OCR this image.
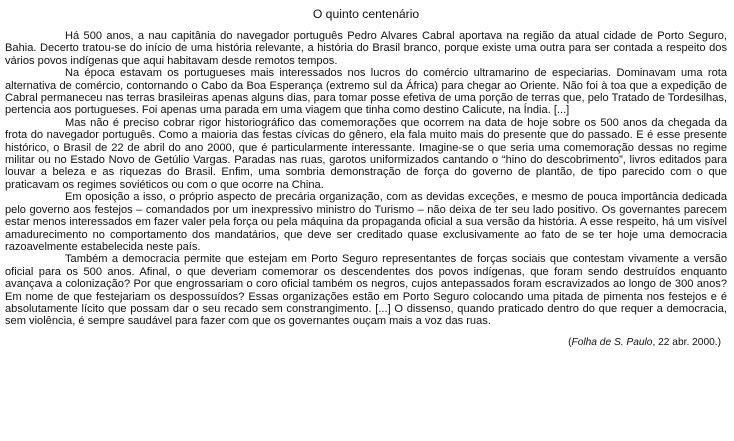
O quinto centenário

Há 500 anos, a nau capitânia do navegador português Pedro Alvares Cabral aportava na região da atual cidade de Porto Seguro, Bahia. Decerto tratou-se do início de uma história relevante, a história do Brasil branco, porque existe uma outra para ser contada a respeito dos vários povos indígenas que aqui habitavam desde remotos tempos.

Na época estavam os portugueses mais interessados nos lucros do comércio ultramarino de especiarias. Dominavam uma rota alternativa de comércio, contornando o Cabo da Boa Esperança (extremo sul da África) para chegar ao Oriente. Não foi à toa que a expedição de Cabral permaneceu nas terras brasileiras apenas alguns dias, para tomar posse efetiva de uma porção de terras que, pelo Tratado de Tordesilhas, pertencia aos portugueses. Foi apenas uma parada em uma viagem que tinha como destino Calicute, na Índia. [...]

Mas não é preciso cobrar rigor historiográfico das comemorações que ocorrem na data de hoje sobre os 500 anos da chegada da frota do navegador português. Como a maioria das festas cívicas do gênero, ela fala muito mais do presente que do passado. E é esse presente histórico, o Brasil de 22 de abril do ano 2000, que é particularmente interessante. Imagine-se o que seria uma comemoração dessas no regime militar ou no Estado Novo de Getúlio Vargas. Paradas nas ruas, garotos uniformizados cantando o “hino do descobrimento”, livros editados para louvar a beleza e as riquezas do Brasil. Enfim, uma sombria demonstração de força do governo de plantão, de tipo parecido com o que praticavam os regimes soviéticos ou com o que ocorre na China.

Em oposição a isso, o próprio aspecto de precária organização, com as devidas exceções, e mesmo de pouca importância dedicada pelo governo aos festejos – comandados por um inexpressivo ministro do Turismo – não deixa de ter seu lado positivo. Os governantes parecem estar menos interessados em fazer valer pela força ou pela máquina da propaganda oficial a sua versão da história. A esse respeito, há um visível amadurecimento no comportamento dos mandatários, que deve ser creditado quase exclusivamente ao fato de se ter hoje uma democracia razoavelmente estabelecida neste país.

Também a democracia permite que estejam em Porto Seguro representantes de forças sociais que contestam vivamente a versão oficial para os 500 anos. Afinal, o que deveriam comemorar os descendentes dos povos indígenas, que foram sendo destruídos enquanto avançava a colonização? Por que engrossariam o coro oficial também os negros, cujos antepassados foram escravizados ao longo de 300 anos? Em nome de que festejariam os despossuídos? Essas organizações estão em Porto Seguro colocando uma pitada de pimenta nos festejos e é absolutamente lícito que possam dar o seu recado sem constrangimento. [...] O dissenso, quando praticado dentro do que requer a democracia, sem violência, é sempre saudável para fazer com que os governantes ouçam mais a voz das ruas.

(Folha de S. Paulo, 22 abr. 2000.)
